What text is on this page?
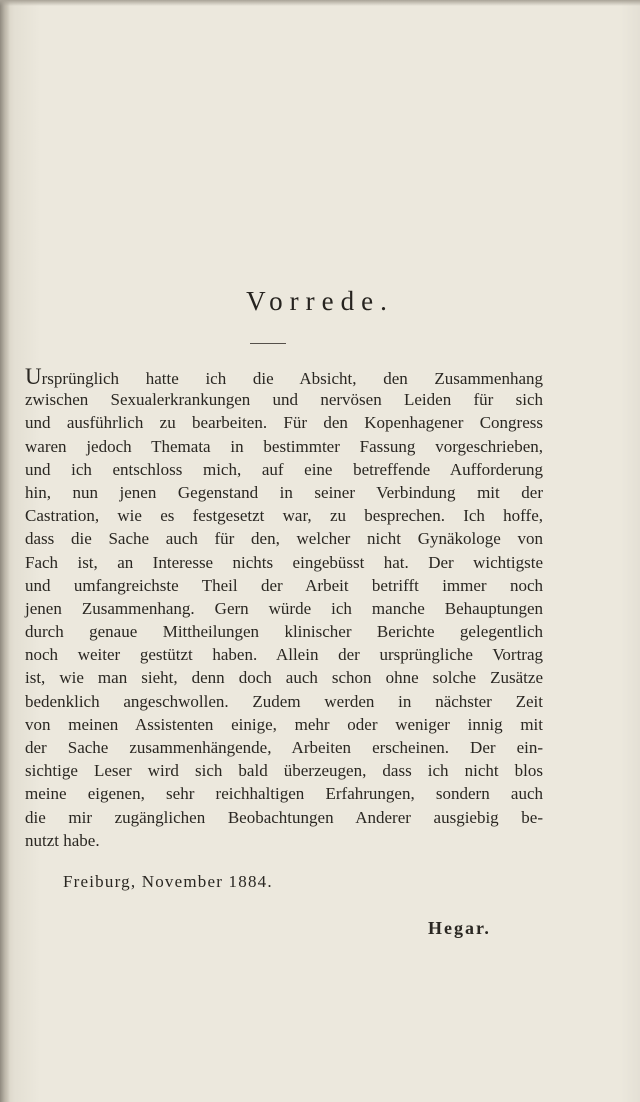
Vorrede.
Ursprünglich hatte ich die Absicht, den Zusammenhang
zwischen Sexualerkrankungen und nervösen Leiden für sich
und ausführlich zu bearbeiten. Für den Kopenhagener Congress
waren jedoch Themata in bestimmter Fassung vorgeschrieben,
und ich entschloss mich, auf eine betreffende Aufforderung
hin, nun jenen Gegenstand in seiner Verbindung mit der
Castration, wie es festgesetzt war, zu besprechen. Ich hoffe,
dass die Sache auch für den, welcher nicht Gynäkologe von
Fach ist, an Interesse nichts eingebüsst hat. Der wichtigste
und umfangreichste Theil der Arbeit betrifft immer noch
jenen Zusammenhang. Gern würde ich manche Behauptungen
durch genaue Mittheilungen klinischer Berichte gelegentlich
noch weiter gestützt haben. Allein der ursprüngliche Vortrag
ist, wie man sieht, denn doch auch schon ohne solche Zusätze
bedenklich angeschwollen. Zudem werden in nächster Zeit
von meinen Assistenten einige, mehr oder weniger innig mit
der Sache zusammenhängende, Arbeiten erscheinen. Der ein-
sichtige Leser wird sich bald überzeugen, dass ich nicht blos
meine eigenen, sehr reichhaltigen Erfahrungen, sondern auch
die mir zugänglichen Beobachtungen Anderer ausgiebig be-
nutzt habe.
Freiburg, November 1884.
Hegar.
